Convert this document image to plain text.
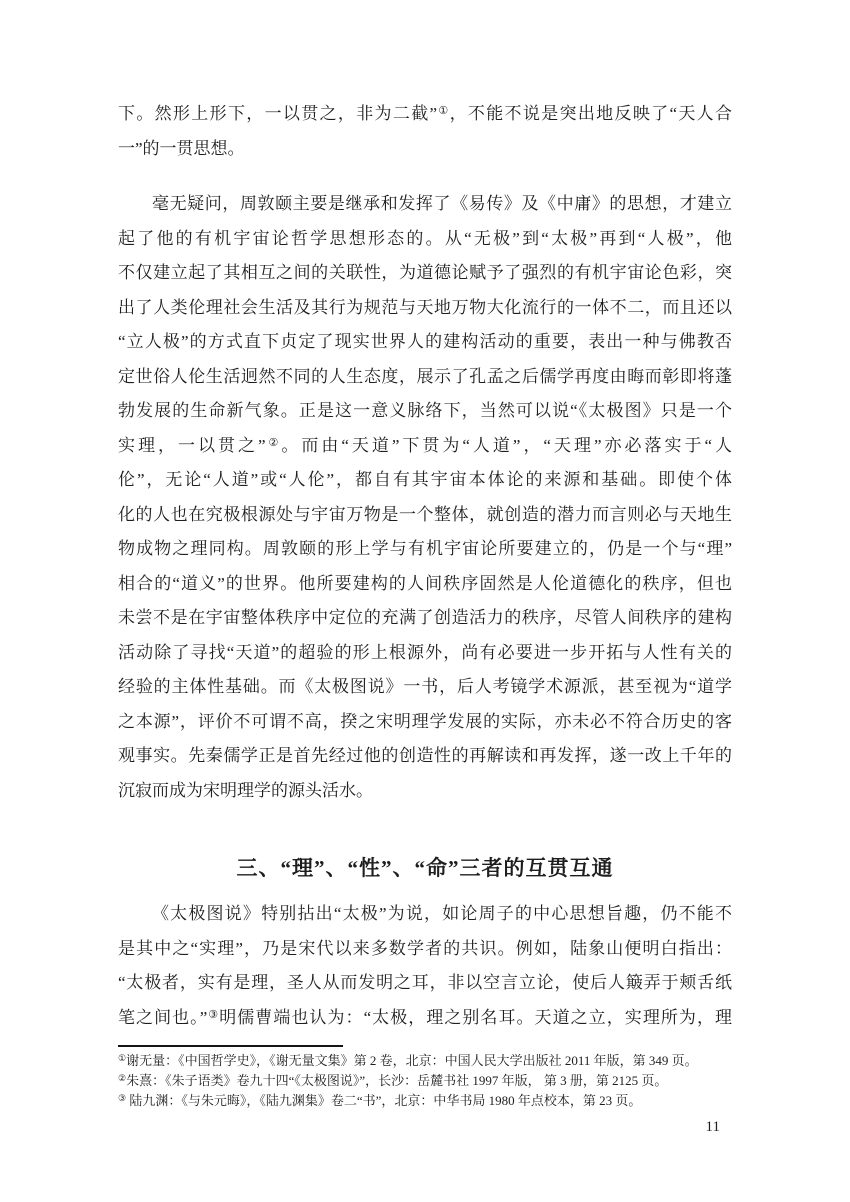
下。然形上形下，一以贯之，非为二截”①，不能不说是突出地反映了“天人合
一”的一贯思想。
毫无疑问，周敦颐主要是继承和发挥了《易传》及《中庸》的思想，才建立
起了他的有机宇宙论哲学思想形态的。从“无极”到“太极”再到“人极”，他
不仅建立起了其相互之间的关联性，为道德论赋予了强烈的有机宇宙论色彩，突
出了人类伦理社会生活及其行为规范与天地万物大化流行的一体不二，而且还以
“立人极”的方式直下贞定了现实世界人的建构活动的重要，表出一种与佛教否
定世俗人伦生活迥然不同的人生态度，展示了孔孟之后儒学再度由晦而彰即将蓬
勃发展的生命新气象。正是这一意义脉络下，当然可以说“《太极图》只是一个
实理，一以贯之”②。而由“天道”下贯为“人道”，“天理”亦必落实于“人
伦”，无论“人道”或“人伦”，都自有其宇宙本体论的来源和基础。即使个体
化的人也在究极根源处与宇宙万物是一个整体，就创造的潜力而言则必与天地生
物成物之理同构。周敦颐的形上学与有机宇宙论所要建立的，仍是一个与“理”
相合的“道义”的世界。他所要建构的人间秩序固然是人伦道德化的秩序，但也
未尝不是在宇宙整体秩序中定位的充满了创造活力的秩序，尽管人间秩序的建构
活动除了寻找“天道”的超验的形上根源外，尚有必要进一步开拓与人性有关的
经验的主体性基础。而《太极图说》一书，后人考镜学术源派，甚至视为“道学
之本源”，评价不可谓不高，揆之宋明理学发展的实际，亦未必不符合历史的客
观事实。先秦儒学正是首先经过他的创造性的再解读和再发挥，遂一改上千年的
沉寂而成为宋明理学的源头活水。
三、“理”、“性”、“命”三者的互贯互通
《太极图说》特别拈出“太极”为说，如论周子的中心思想旨趣，仍不能不
是其中之“实理”，乃是宋代以来多数学者的共识。例如，陆象山便明白指出：
“太极者，实有是理，圣人从而发明之耳，非以空言立论，使后人簸弄于颊舌纸
笔之间也。”③明儒曹端也认为：“太极，理之别名耳。天道之立，实理所为，理
①谢无量：《中国哲学史》，《谢无量文集》第 2 卷，北京：中国人民大学出版社 2011 年版，第 349 页。
②朱熹：《朱子语类》卷九十四“《太极图说》”，长沙：岳麓书社 1997 年版， 第 3 册，第 2125 页。
③ 陆九渊：《与朱元晦》，《陆九渊集》卷二“书”，北京：中华书局 1980 年点校本，第 23 页。
11
